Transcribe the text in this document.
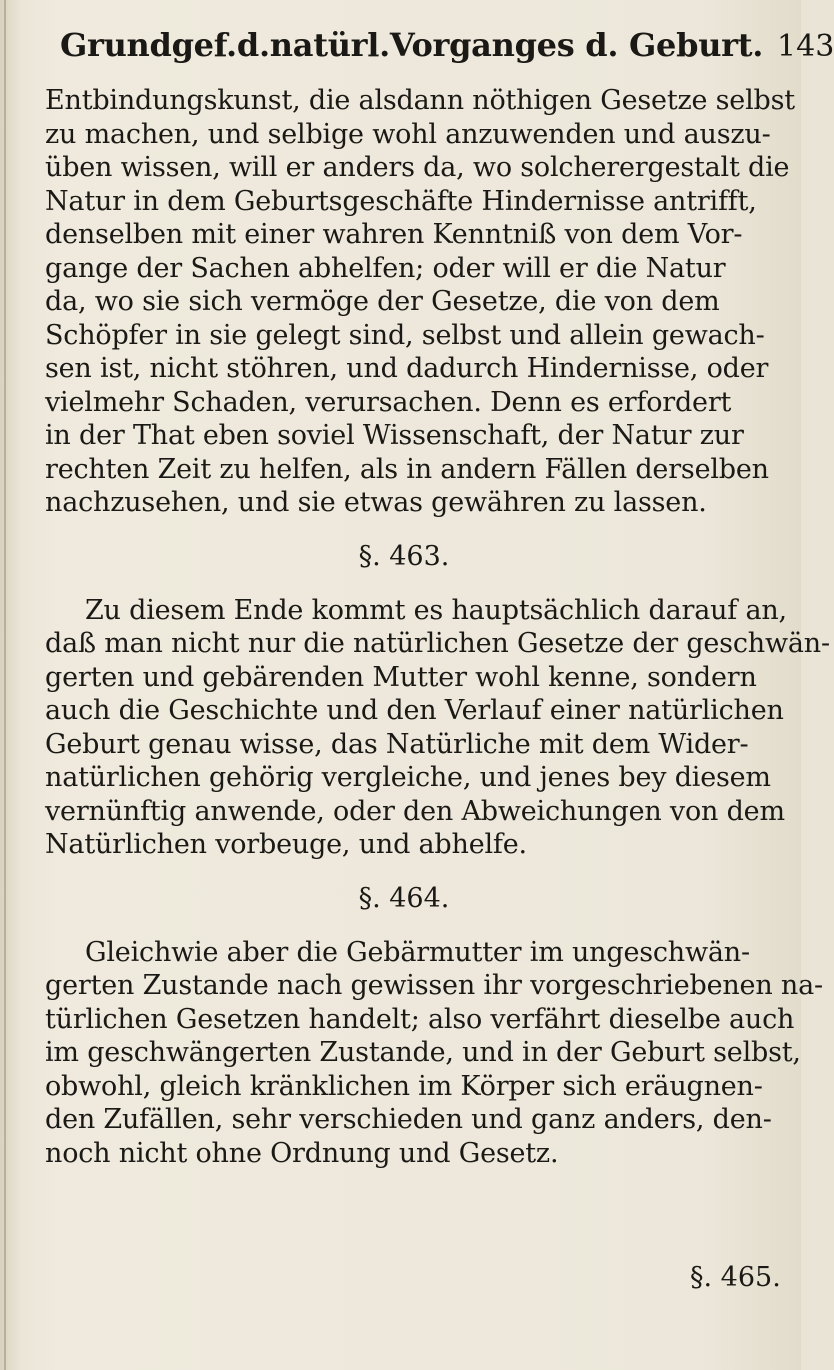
Grundgef.d.natürl.Vorganges d. Geburt. 143
Entbindungskunst, die alsdann nöthigen Gesetze selbst
zu machen, und selbige wohl anzuwenden und auszu-
üben wissen, will er anders da, wo solcherergestalt die
Natur in dem Geburtsgeschäfte Hindernisse antrifft,
denselben mit einer wahren Kenntniß von dem Vor-
gange der Sachen abhelfen; oder will er die Natur
da, wo sie sich vermöge der Gesetze, die von dem
Schöpfer in sie gelegt sind, selbst und allein gewach-
sen ist, nicht stöhren, und dadurch Hindernisse, oder
vielmehr Schaden, verursachen. Denn es erfordert
in der That eben soviel Wissenschaft, der Natur zur
rechten Zeit zu helfen, als in andern Fällen derselben
nachzusehen, und sie etwas gewähren zu lassen.
§. 463.
Zu diesem Ende kommt es hauptsächlich darauf an,
daß man nicht nur die natürlichen Gesetze der geschwän-
gerten und gebärenden Mutter wohl kenne, sondern
auch die Geschichte und den Verlauf einer natürlichen
Geburt genau wisse, das Natürliche mit dem Wider-
natürlichen gehörig vergleiche, und jenes bey diesem
vernünftig anwende, oder den Abweichungen von dem
Natürlichen vorbeuge, und abhelfe.
§. 464.
Gleichwie aber die Gebärmutter im ungeschwän-
gerten Zustande nach gewissen ihr vorgeschriebenen na-
türlichen Gesetzen handelt; also verfährt dieselbe auch
im geschwängerten Zustande, und in der Geburt selbst,
obwohl, gleich kränklichen im Körper sich eräugnen-
den Zufällen, sehr verschieden und ganz anders, den-
noch nicht ohne Ordnung und Gesetz.
§. 465.
